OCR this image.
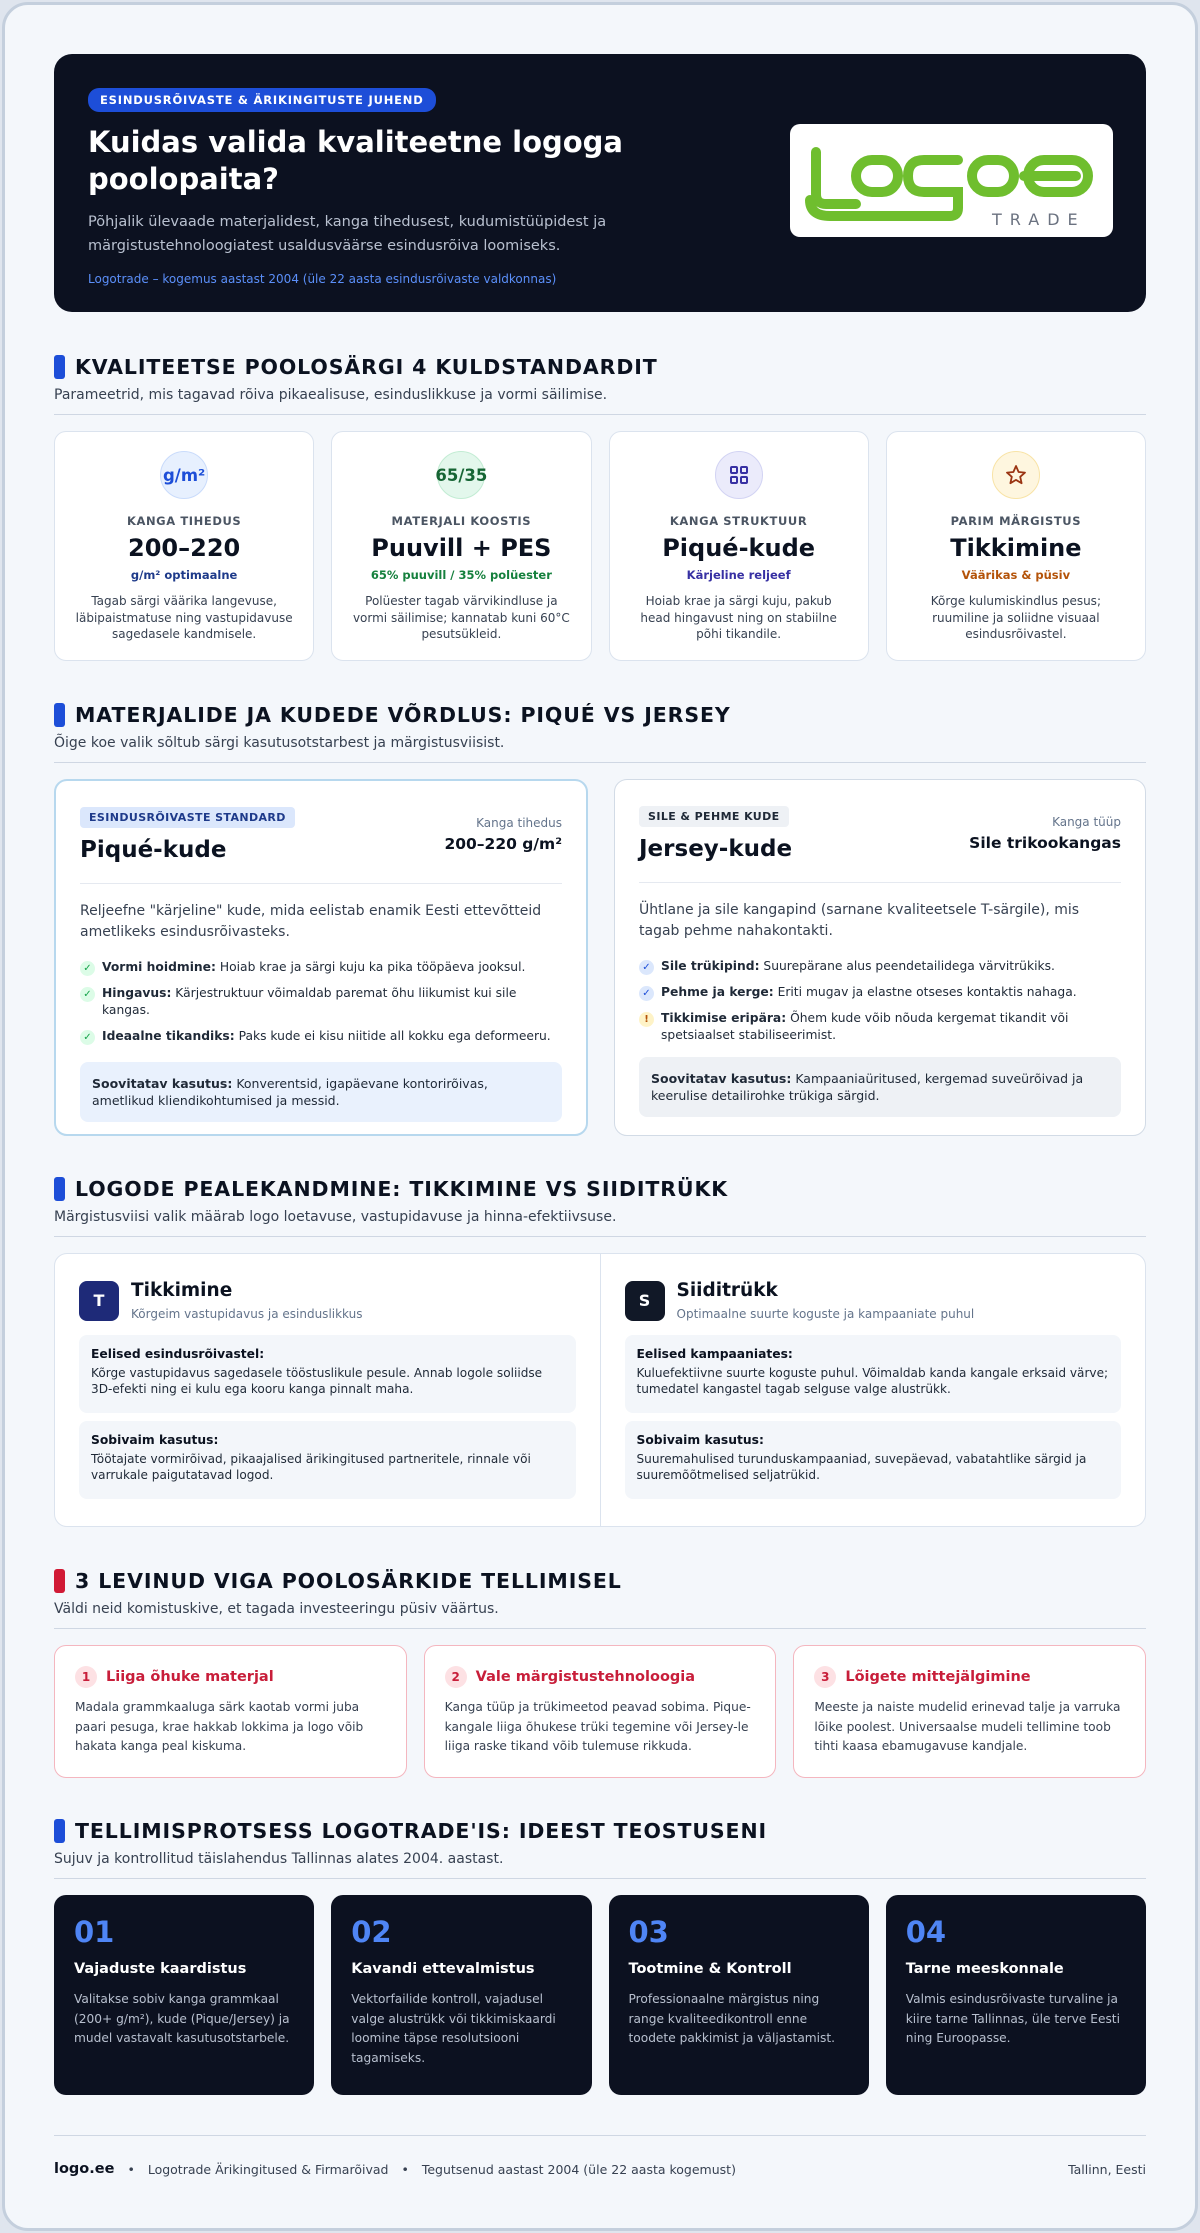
ESINDUSRÕIVASTE & ÄRIKINGITUSTE JUHEND
Kuidas valida kvaliteetne logoga poolopaita?

Põhjalik ülevaade materjalidest, kanga tihedusest, kudumistüüpidest ja märgistustehnoloogiatest usaldusväärse esindusrõiva loomiseks.

Logotrade – kogemus aastast 2004 (üle 22 aasta esindusrõivaste valdkonnas)

TRADE
KVALITEETSE POOLOSÄRGI 4 KULDSTANDARDIT
Parameetrid, mis tagavad rõiva pikaealisuse, esinduslikkuse ja vormi säilimise.
g/m²
KANGA TIHEDUS
200–220
g/m² optimaalne
Tagab särgi väärika langevuse, läbipaistmatuse ning vastupidavuse sagedasele kandmisele.
65/35
MATERJALI KOOSTIS
Puuvill + PES
65% puuvill / 35% polüester
Polüester tagab värvikindluse ja vormi säilimise; kannatab kuni 60°C pesutsükleid.
KANGA STRUKTUUR
Piqué-kude
Kärjeline reljeef
Hoiab krae ja särgi kuju, pakub head hingavust ning on stabiilne põhi tikandile.
PARIM MÄRGISTUS
Tikkimine
Väärikas & püsiv
Kõrge kulumiskindlus pesus; ruumiline ja soliidne visuaal esindusrõivastel.
MATERJALIDE JA KUDEDE VÕRDLUS: PIQUÉ VS JERSEY
Õige koe valik sõltub särgi kasutusotstarbest ja märgistusviisist.
ESINDUSRÕIVASTE STANDARD
Piqué-kude
Kanga tihedus
200–220 g/m²
Reljeefne "kärjeline" kude, mida eelistab enamik Eesti ettevõtteid ametlikeks esindusrõivasteks.
✓ Vormi hoidmine: Hoiab krae ja särgi kuju ka pika tööpäeva jooksul.
✓ Hingavus: Kärjestruktuur võimaldab paremat õhu liikumist kui sile kangas.
✓ Ideaalne tikandiks: Paks kude ei kisu niitide all kokku ega deformeeru.
Soovitatav kasutus: Konverentsid, igapäevane kontorirõivas, ametlikud kliendikohtumised ja messid.
SILE & PEHME KUDE
Jersey-kude
Kanga tüüp
Sile trikookangas
Ühtlane ja sile kangapind (sarnane kvaliteetsele T-särgile), mis tagab pehme nahakontakti.
✓ Sile trükipind: Suurepärane alus peendetailidega värvitrükiks.
✓ Pehme ja kerge: Eriti mugav ja elastne otseses kontaktis nahaga.
! Tikkimise eripära: Õhem kude võib nõuda kergemat tikandit või spetsiaalset stabiliseerimist.
Soovitatav kasutus: Kampaaniaüritused, kergemad suveürõivad ja keerulise detailirohke trükiga särgid.
LOGODE PEALEKANDMINE: TIKKIMINE VS SIIDITRÜKK
Märgistusviisi valik määrab logo loetavuse, vastupidavuse ja hinna-efektiivsuse.
T	Tikkimine
Kõrgeim vastupidavus ja esinduslikkus
Eelised esindusrõivastel:
Kõrge vastupidavus sagedasele tööstuslikule pesule. Annab logole soliidse 3D-efekti ning ei kulu ega kooru kanga pinnalt maha.
Sobivaim kasutus:
Töötajate vormirõivad, pikaajalised ärikingitused partneritele, rinnale või varrukale paigutatavad logod.
S	Siiditrükk
Optimaalne suurte koguste ja kampaaniate puhul
Eelised kampaaniates:
Kuluefektiivne suurte koguste puhul. Võimaldab kanda kangale erksaid värve; tumedatel kangastel tagab selguse valge alustrükk.
Sobivaim kasutus:
Suuremahulised turunduskampaaniad, suvepäevad, vabatahtlike särgid ja suuremõõtmelised seljatrükid.
3 LEVINUD VIGA POOLOSÄRKIDE TELLIMISEL
Väldi neid komistuskive, et tagada investeeringu püsiv väärtus.
1	Liiga õhuke materjal
Madala grammkaaluga särk kaotab vormi juba paari pesuga, krae hakkab lokkima ja logo võib hakata kanga peal kiskuma.
2	Vale märgistustehnoloogia
Kanga tüüp ja trükimeetod peavad sobima. Pique-kangale liiga õhukese trüki tegemine või Jersey-le liiga raske tikand võib tulemuse rikkuda.
3	Lõigete mittejälgimine
Meeste ja naiste mudelid erinevad talje ja varruka lõike poolest. Universaalse mudeli tellimine toob tihti kaasa ebamugavuse kandjale.
TELLIMISPROTSESS LOGOTRADE'IS: IDEEST TEOSTUSENI
Sujuv ja kontrollitud täislahendus Tallinnas alates 2004. aastast.
01
Vajaduste kaardistus
Valitakse sobiv kanga grammkaal (200+ g/m²), kude (Pique/Jersey) ja mudel vastavalt kasutusotstarbele.
02
Kavandi ettevalmistus
Vektorfailide kontroll, vajadusel valge alustrükk või tikkimiskaardi loomine täpse resolutsiooni tagamiseks.
03
Tootmine & Kontroll
Professionaalne märgistus ning range kvaliteedikontroll enne toodete pakkimist ja väljastamist.
04
Tarne meeskonnale
Valmis esindusrõivaste turvaline ja kiire tarne Tallinnas, üle terve Eesti ning Euroopasse.
logo.ee • Logotrade Ärikingitused & Firmarõivad • Tegutsenud aastast 2004 (üle 22 aasta kogemust)	Tallinn, Eesti
